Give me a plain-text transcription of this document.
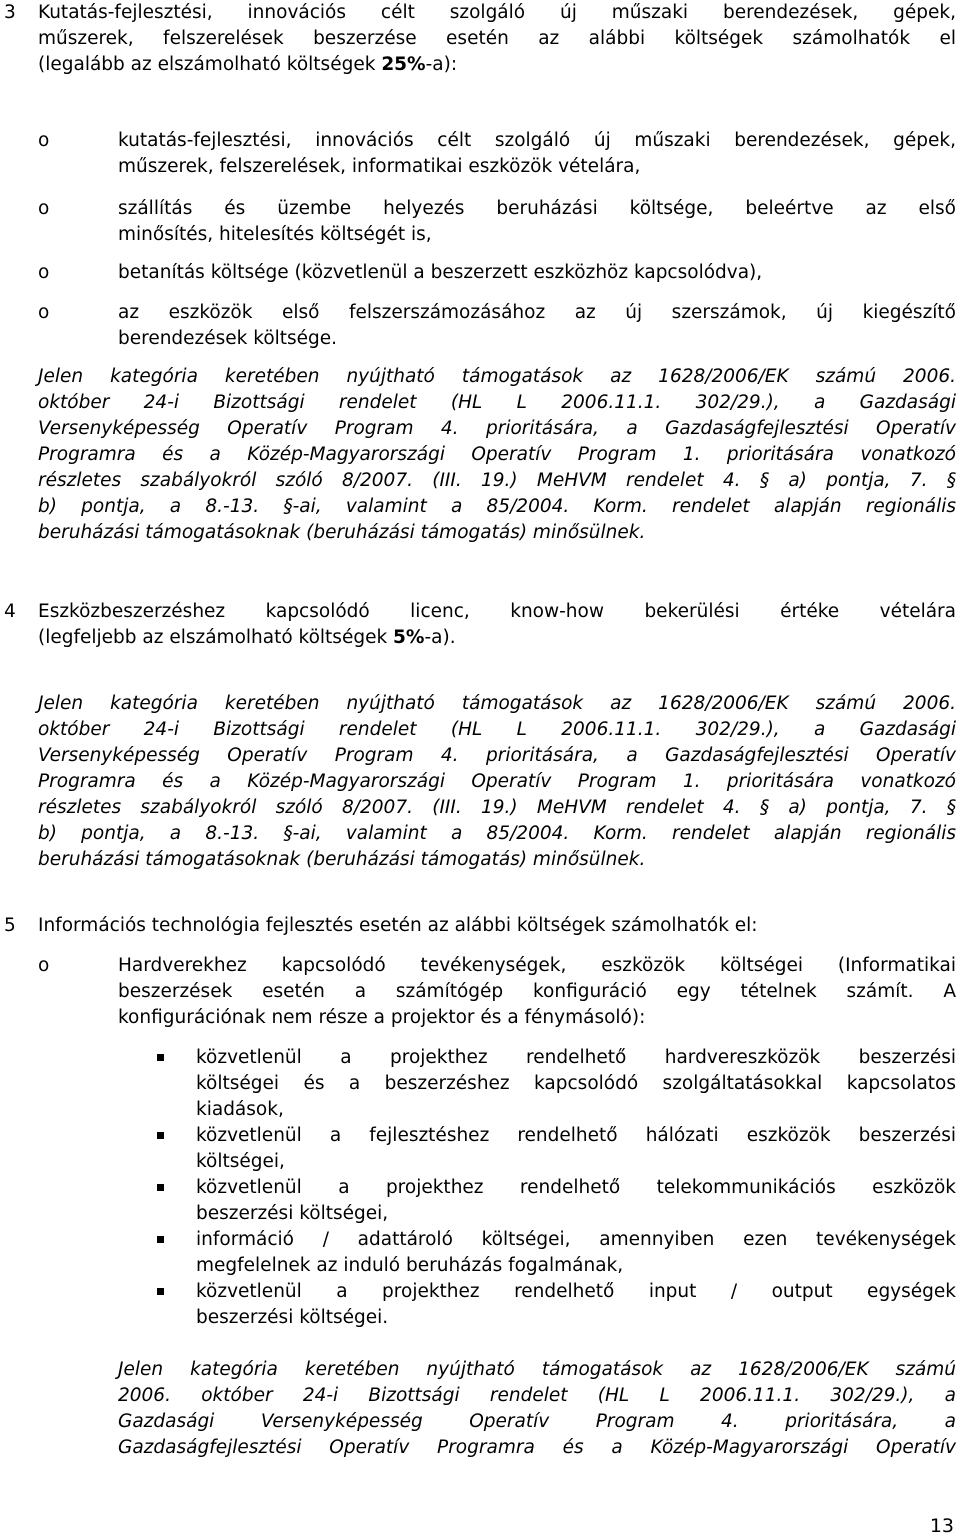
3 Kutatás-fejlesztési, innovációs célt szolgáló új műszaki berendezések, gépek,
műszerek, felszerelések beszerzése esetén az alábbi költségek számolhatók el
(legalább az elszámolható költségek 25%-a):
o	kutatás-fejlesztési, innovációs célt szolgáló új műszaki berendezések, gépek,
műszerek, felszerelések, informatikai eszközök vételára,
o	szállítás és üzembe helyezés beruházási költsége, beleértve az első
minősítés, hitelesítés költségét is,
o	betanítás költsége (közvetlenül a beszerzett eszközhöz kapcsolódva),
o	az eszközök első felszerszámozásához az új szerszámok, új kiegészítő
berendezések költsége.
Jelen kategória keretében nyújtható támogatások az 1628/2006/EK számú 2006.
október 24-i Bizottsági rendelet (HL L 2006.11.1. 302/29.), a Gazdasági
Versenyképesség Operatív Program 4. prioritására, a Gazdaságfejlesztési Operatív
Programra és a Közép-Magyarországi Operatív Program 1. prioritására vonatkozó
részletes szabályokról szóló 8/2007. (III. 19.) MeHVM rendelet 4. § a) pontja, 7. §
b) pontja, a 8.-13. §-ai, valamint a 85/2004. Korm. rendelet alapján regionális
beruházási támogatásoknak (beruházási támogatás) minősülnek.
4 Eszközbeszerzéshez kapcsolódó licenc, know-how bekerülési értéke vételára
(legfeljebb az elszámolható költségek 5%-a).
Jelen kategória keretében nyújtható támogatások az 1628/2006/EK számú 2006.
október 24-i Bizottsági rendelet (HL L 2006.11.1. 302/29.), a Gazdasági
Versenyképesség Operatív Program 4. prioritására, a Gazdaságfejlesztési Operatív
Programra és a Közép-Magyarországi Operatív Program 1. prioritására vonatkozó
részletes szabályokról szóló 8/2007. (III. 19.) MeHVM rendelet 4. § a) pontja, 7. §
b) pontja, a 8.-13. §-ai, valamint a 85/2004. Korm. rendelet alapján regionális
beruházási támogatásoknak (beruházási támogatás) minősülnek.
5 Információs technológia fejlesztés esetén az alábbi költségek számolhatók el:
o	Hardverekhez kapcsolódó tevékenységek, eszközök költségei (Informatikai
beszerzések esetén a számítógép konfiguráció egy tételnek számít. A
konfigurációnak nem része a projektor és a fénymásoló):
közvetlenül a projekthez rendelhető hardvereszközök beszerzési
költségei és a beszerzéshez kapcsolódó szolgáltatásokkal kapcsolatos
kiadások,
közvetlenül a fejlesztéshez rendelhető hálózati eszközök beszerzési
költségei,
közvetlenül a projekthez rendelhető telekommunikációs eszközök
beszerzési költségei,
információ / adattároló költségei, amennyiben ezen tevékenységek
megfelelnek az induló beruházás fogalmának,
közvetlenül a projekthez rendelhető input / output egységek
beszerzési költségei.
Jelen kategória keretében nyújtható támogatások az 1628/2006/EK számú
2006. október 24-i Bizottsági rendelet (HL L 2006.11.1. 302/29.), a
Gazdasági Versenyképesség Operatív Program 4. prioritására, a
Gazdaságfejlesztési Operatív Programra és a Közép-Magyarországi Operatív
13
